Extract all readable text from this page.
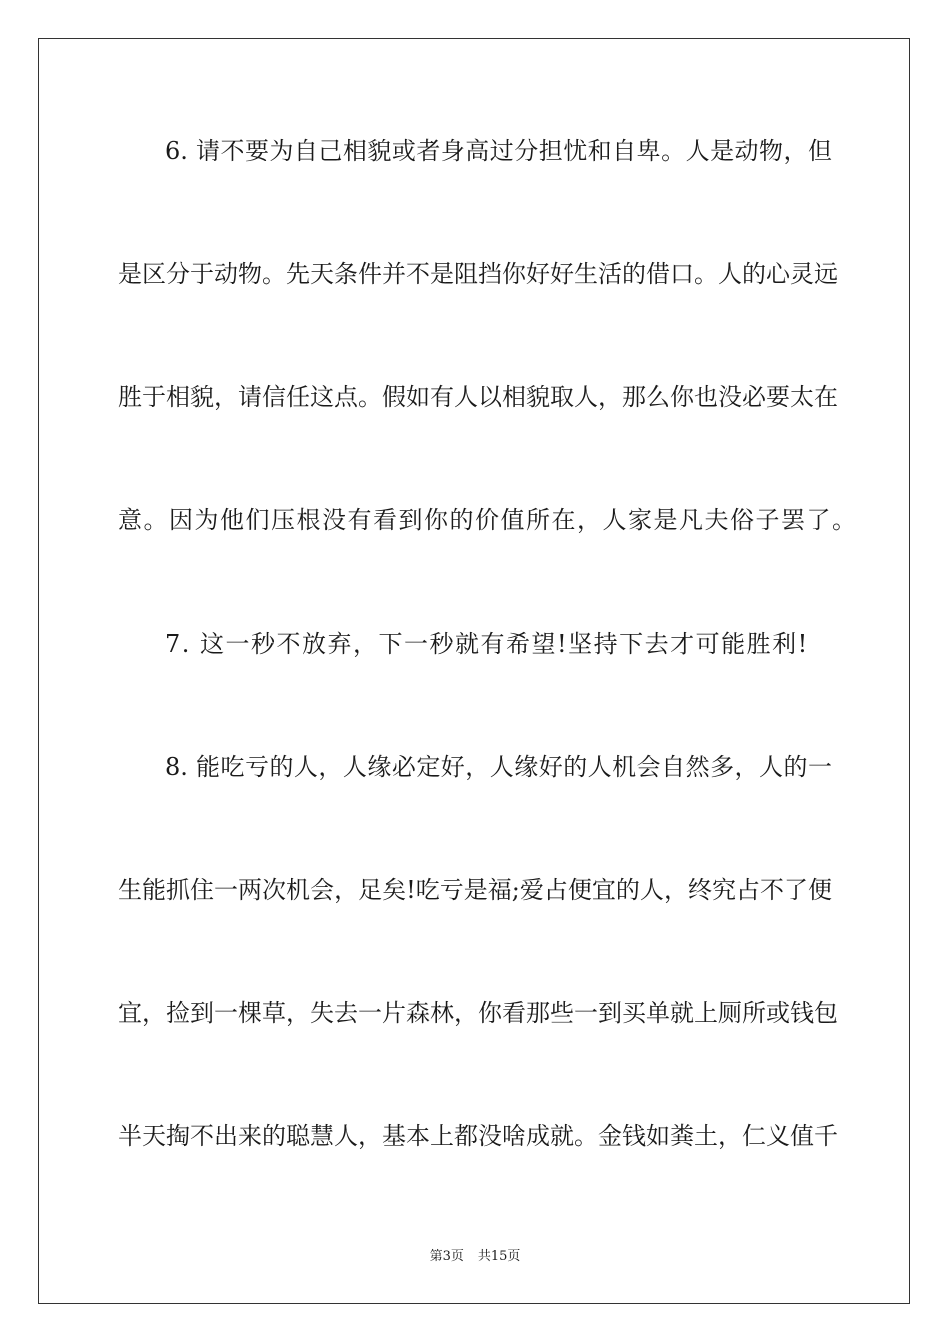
6. 请不要为自己相貌或者身高过分担忧和自卑。人是动物，但
是区分于动物。先天条件并不是阻挡你好好生活的借口。人的心灵远
胜于相貌，请信任这点。假如有人以相貌取人，那么你也没必要太在
意。因为他们压根没有看到你的价值所在，人家是凡夫俗子罢了。
7. 这一秒不放弃，下一秒就有希望!坚持下去才可能胜利!
8. 能吃亏的人，人缘必定好，人缘好的人机会自然多，人的一
生能抓住一两次机会，足矣!吃亏是福;爱占便宜的人，终究占不了便
宜，捡到一棵草，失去一片森林，你看那些一到买单就上厕所或钱包
半天掏不出来的聪慧人，基本上都没啥成就。金钱如粪土，仁义值千
第3页 共15页
